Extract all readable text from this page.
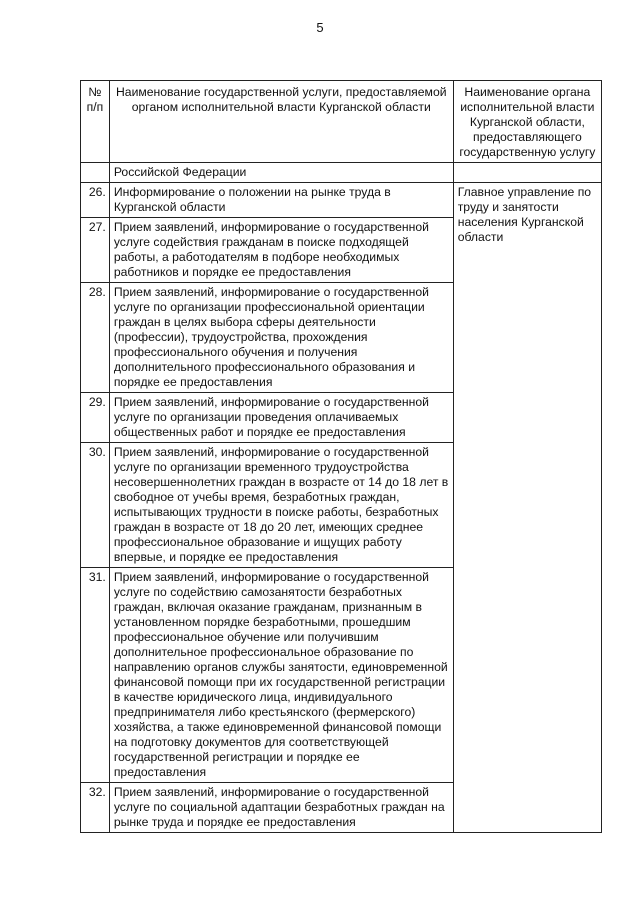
5
№ п/п	Наименование государственной услуги, предоставляемой органом исполнительной власти Курганской области	Наименование органа исполнительной власти Курганской области, предоставляющего государственную услугу
	Российской Федерации	
26.	Информирование о положении на рынке труда в Курганской области	Главное управление по труду и занятости населения Курганской области
27.	Прием заявлений, информирование о государственной услуге содействия гражданам в поиске подходящей работы, а работодателям в подборе необходимых работников и порядке ее предоставления	
28.	Прием заявлений, информирование о государственной услуге по организации профессиональной ориентации граждан в целях выбора сферы деятельности (профессии), трудоустройства, прохождения профессионального обучения и получения дополнительного профессионального образования и порядке ее предоставления	
29.	Прием заявлений, информирование о государственной услуге по организации проведения оплачиваемых общественных работ и порядке ее предоставления	
30.	Прием заявлений, информирование о государственной услуге по организации временного трудоустройства несовершеннолетних граждан в возрасте от 14 до 18 лет в свободное от учебы время, безработных граждан, испытывающих трудности в поиске работы, безработных граждан в возрасте от 18 до 20 лет, имеющих среднее профессиональное образование и ищущих работу впервые, и порядке ее предоставления	
31.	Прием заявлений, информирование о государственной услуге по содействию самозанятости безработных граждан, включая оказание гражданам, признанным в установленном порядке безработными, прошедшим профессиональное обучение или получившим дополнительное профессиональное образование по направлению органов службы занятости, единовременной финансовой помощи при их государственной регистрации в качестве юридического лица, индивидуального предпринимателя либо крестьянского (фермерского) хозяйства, а также единовременной финансовой помощи на подготовку документов для соответствующей государственной регистрации и порядке ее предоставления	
32.	Прием заявлений, информирование о государственной услуге по социальной адаптации безработных граждан на рынке труда и порядке ее предоставления	
